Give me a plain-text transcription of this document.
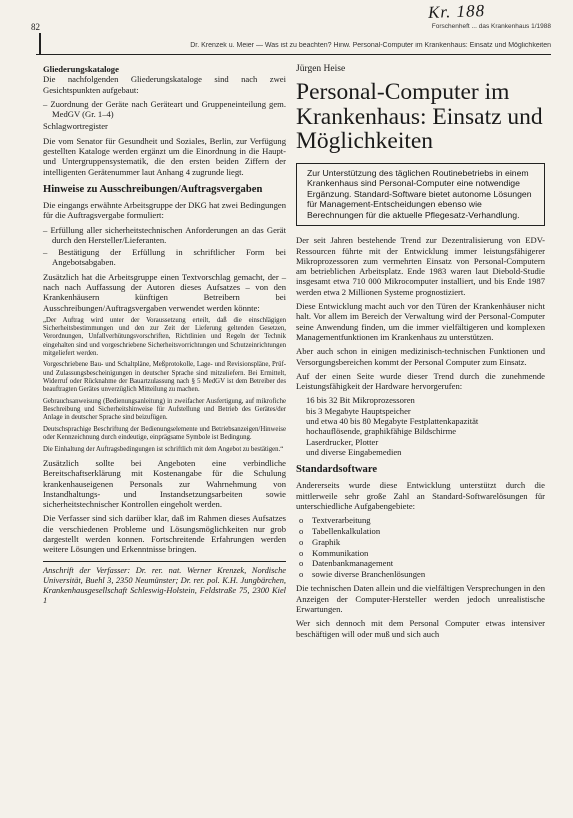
82
Kr. 188
Forschenheft ... das Krankenhaus 1/1988
Dr. Krenzek u. Meier — Was ist zu beachten? Hinw. Personal-Computer im Krankenhaus: Einsatz und Möglichkeiten

Gliederungskataloge

Die nachfolgenden Gliederungskataloge sind nach zwei Gesichtspunkten aufgebaut:

– Zuordnung der Geräte nach Geräteart und Gruppeneinteilung gem. MedGV (Gr. 1–4)
Schlagwortregister

Die vom Senator für Gesundheit und Soziales, Berlin, zur Verfügung gestellten Kataloge werden ergänzt um die Einordnung in die Haupt- und Untergruppensystematik, die den ersten beiden Ziffern der intelligenten Gerätenummer laut Anhang 4 zugrunde liegt.

Hinweise zu Ausschreibungen/Auftragsvergaben

Die eingangs erwähnte Arbeitsgruppe der DKG hat zwei Bedingungen für die Auftragsvergabe formuliert:

– Erfüllung aller sicherheitstechnischen Anforderungen an das Gerät durch den Hersteller/Lieferanten.
– Bestätigung der Erfüllung in schriftlicher Form bei Angebotsabgaben.

Zusätzlich hat die Arbeitsgruppe einen Textvorschlag gemacht, der – nach nach Auffassung der Autoren dieses Aufsatzes – von den Krankenhäusern künftigen Betreibern bei Ausschreibungen/Auftragsvergaben verwendet werden könnte:

„Der Auftrag wird unter der Voraussetzung erteilt, daß die einschlägigen Sicherheitsbestimmungen und den zur Zeit der Lieferung geltenden Gesetzen, Verordnungen, Unfallverhütungsvorschriften, Richtlinien und Regeln der Technik eingehalten sind und vorgeschriebene Sicherheitsvorrichtungen und Schutzeinrichtungen mitgeliefert werden.

Vorgeschriebene Bau- und Schaltpläne, Meßprotokolle, Lage- und Revisionspläne, Prüf- und Zulassungsbescheinigungen in deutscher Sprache sind mitzuliefern. Bei Ermittelt, Widerruf oder Rücknahme der Bauartzulassung nach § 5 MedGV ist dem Betreiber des beauftragten Gerätes unverzüglich Mitteilung zu machen.

Gebrauchsanweisung (Bedienungsanleitung) in zweifacher Ausfertigung, auf mikrofiche Beschreibung und Sicherheitshinweise für Aufstellung und Betrieb des Gerätes/der Anlage in deutscher Sprache sind beizufügen.

Deutschsprachige Beschriftung der Bedienungselemente und Betriebsanzeigen/Hinweise oder Kennzeichnung durch eindeutige, einprägsame Symbole ist Bedingung.

Die Einhaltung der Auftragsbedingungen ist schriftlich mit dem Angebot zu bestätigen.“

Zusätzlich sollte bei Angeboten eine verbindliche Bereitschaftserklärung mit Kostenangabe für die Schulung krankenhauseigenen Personals zur Wahrnehmung von Instandhaltungs- und Instandsetzungsarbeiten sowie sicherheitstechnischer Kontrollen eingeholt werden.

Die Verfasser sind sich darüber klar, daß im Rahmen dieses Aufsatzes die verschiedenen Probleme und Lösungsmöglichkeiten nur grob dargestellt werden konnen. Fortschreitende Erfahrungen werden weitere Lösungen und Erkenntnisse bringen.

Anschrift der Verfasser: Dr. rer. nat. Werner Krenzek, Nordische Universität, Buehl 3, 2350 Neumünster; Dr. rer. pol. K.H. Jungbärchen, Krankenhausgesellschaft Schleswig-Holstein, Feldstraße 75, 2300 Kiel 1

Jürgen Heise

Personal-Computer im Krankenhaus: Einsatz und Möglichkeiten
Zur Unterstützung des täglichen Routinebetriebs in einem Krankenhaus sind Personal-Computer eine notwendige Ergänzung. Standard-Software bietet autonome Lösungen für Management-Entscheidungen ebenso wie Berechnungen für die aktuelle Pflegesatz-Verhandlung.

Der seit Jahren bestehende Trend zur Dezentralisierung von EDV-Ressourcen führte mit der Entwicklung immer leistungsfähigerer Mikroprozessoren zum vermehrten Einsatz von Personal-Computern am betrieblichen Arbeitsplatz. Ende 1983 waren laut Diebold-Studie insgesamt etwa 710 000 Mikrocomputer installiert, und bis Ende 1987 werden etwa 2 Millionen Systeme prognostiziert.

Diese Entwicklung macht auch vor den Türen der Krankenhäuser nicht halt. Vor allem im Bereich der Verwaltung wird der Personal-Computer seine Anwendung finden, um die immer vielfältigeren und komplexen Managementfunktionen im Krankenhaus zu unterstützen.

Aber auch schon in einigen medizinisch-technischen Funktionen und Versorgungsbereichen kommt der Personal Computer zum Einsatz.

Auf der einen Seite wurde dieser Trend durch die zunehmende Leistungsfähigkeit der Hardware hervorgerufen:

16 bis 32 Bit Mikroprozessoren
bis 3 Megabyte Hauptspeicher
und etwa 40 bis 80 Megabyte Festplattenkapazität
hochauflösende, graphikfähige Bildschirme
Laserdrucker, Plotter
und diverse Eingabemedien
Standardsoftware

Andererseits wurde diese Entwicklung unterstützt durch die mittlerweile sehr große Zahl an Standard-Softwarelösungen für unterschiedliche Aufgabengebiete:

o Textverarbeitung
o Tabellenkalkulation
o Graphik
o Kommunikation
o Datenbankmanagement
o sowie diverse Branchenlösungen

Die technischen Daten allein und die vielfältigen Versprechungen in den Anzeigen der Computer-Hersteller werden jedoch unrealistische Erwartungen.

Wer sich dennoch mit dem Personal Computer etwas intensiver beschäftigen will oder muß und sich auch
